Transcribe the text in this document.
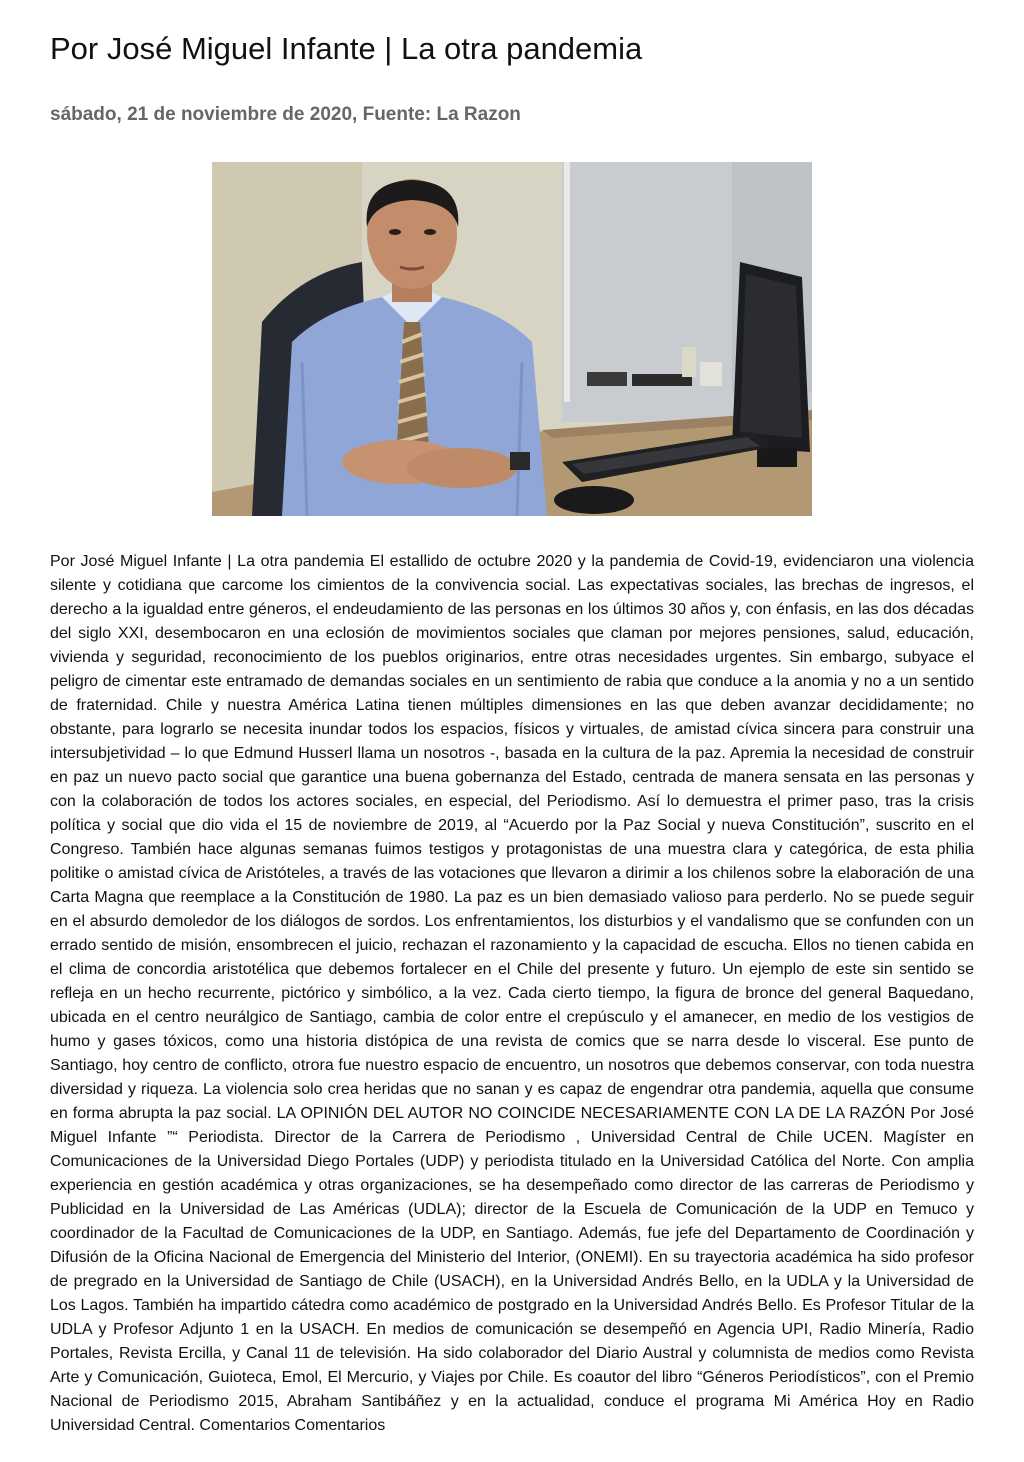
Por José Miguel Infante | La otra pandemia
sábado, 21 de noviembre de 2020, Fuente: La Razon

Por José Miguel Infante | La otra pandemia El estallido de octubre 2020 y la pandemia de Covid-19, evidenciaron una violencia silente y cotidiana que carcome los cimientos de la convivencia social. Las expectativas sociales, las brechas de ingresos, el derecho a la igualdad entre géneros, el endeudamiento de las personas en los últimos 30 años y, con énfasis, en las dos décadas del siglo XXI, desembocaron en una eclosión de movimientos sociales que claman por mejores pensiones, salud, educación, vivienda y seguridad, reconocimiento de los pueblos originarios, entre otras necesidades urgentes. Sin embargo, subyace el peligro de cimentar este entramado de demandas sociales en un sentimiento de rabia que conduce a la anomia y no a un sentido de fraternidad. Chile y nuestra América Latina tienen múltiples dimensiones en las que deben avanzar decididamente; no obstante, para lograrlo se necesita inundar todos los espacios, físicos y virtuales, de amistad cívica sincera para construir una intersubjetividad – lo que Edmund Husserl llama un nosotros -, basada en la cultura de la paz. Apremia la necesidad de construir en paz un nuevo pacto social que garantice una buena gobernanza del Estado, centrada de manera sensata en las personas y con la colaboración de todos los actores sociales, en especial, del Periodismo. Así lo demuestra el primer paso, tras la crisis política y social que dio vida el 15 de noviembre de 2019, al “Acuerdo por la Paz Social y nueva Constitución”, suscrito en el Congreso. También hace algunas semanas fuimos testigos y protagonistas de una muestra clara y categórica, de esta philia politike o amistad cívica de Aristóteles, a través de las votaciones que llevaron a dirimir a los chilenos sobre la elaboración de una Carta Magna que reemplace a la Constitución de 1980. La paz es un bien demasiado valioso para perderlo. No se puede seguir en el absurdo demoledor de los diálogos de sordos. Los enfrentamientos, los disturbios y el vandalismo que se confunden con un errado sentido de misión, ensombrecen el juicio, rechazan el razonamiento y la capacidad de escucha. Ellos no tienen cabida en el clima de concordia aristotélica que debemos fortalecer en el Chile del presente y futuro. Un ejemplo de este sin sentido se refleja en un hecho recurrente, pictórico y simbólico, a la vez. Cada cierto tiempo, la figura de bronce del general Baquedano, ubicada en el centro neurálgico de Santiago, cambia de color entre el crepúsculo y el amanecer, en medio de los vestigios de humo y gases tóxicos, como una historia distópica de una revista de comics que se narra desde lo visceral. Ese punto de Santiago, hoy centro de conflicto, otrora fue nuestro espacio de encuentro, un nosotros que debemos conservar, con toda nuestra diversidad y riqueza. La violencia solo crea heridas que no sanan y es capaz de engendrar otra pandemia, aquella que consume en forma abrupta la paz social. LA OPINIÓN DEL AUTOR NO COINCIDE NECESARIAMENTE CON LA DE LA RAZÓN Por José Miguel Infante ”“ Periodista. Director de la Carrera de Periodismo , Universidad Central de Chile UCEN. Magíster en Comunicaciones de la Universidad Diego Portales (UDP) y periodista titulado en la Universidad Católica del Norte. Con amplia experiencia en gestión académica y otras organizaciones, se ha desempeñado como director de las carreras de Periodismo y Publicidad en la Universidad de Las Américas (UDLA); director de la Escuela de Comunicación de la UDP en Temuco y coordinador de la Facultad de Comunicaciones de la UDP, en Santiago. Además, fue jefe del Departamento de Coordinación y Difusión de la Oficina Nacional de Emergencia del Ministerio del Interior, (ONEMI). En su trayectoria académica ha sido profesor de pregrado en la Universidad de Santiago de Chile (USACH), en la Universidad Andrés Bello, en la UDLA y la Universidad de Los Lagos. También ha impartido cátedra como académico de postgrado en la Universidad Andrés Bello. Es Profesor Titular de la UDLA y Profesor Adjunto 1 en la USACH. En medios de comunicación se desempeñó en Agencia UPI, Radio Minería, Radio Portales, Revista Ercilla, y Canal 11 de televisión. Ha sido colaborador del Diario Austral y columnista de medios como Revista Arte y Comunicación, Guioteca, Emol, El Mercurio, y Viajes por Chile. Es coautor del libro “Géneros Periodísticos”, con el Premio Nacional de Periodismo 2015, Abraham Santibáñez y en la actualidad, conduce el programa Mi América Hoy en Radio Universidad Central. Comentarios Comentarios
